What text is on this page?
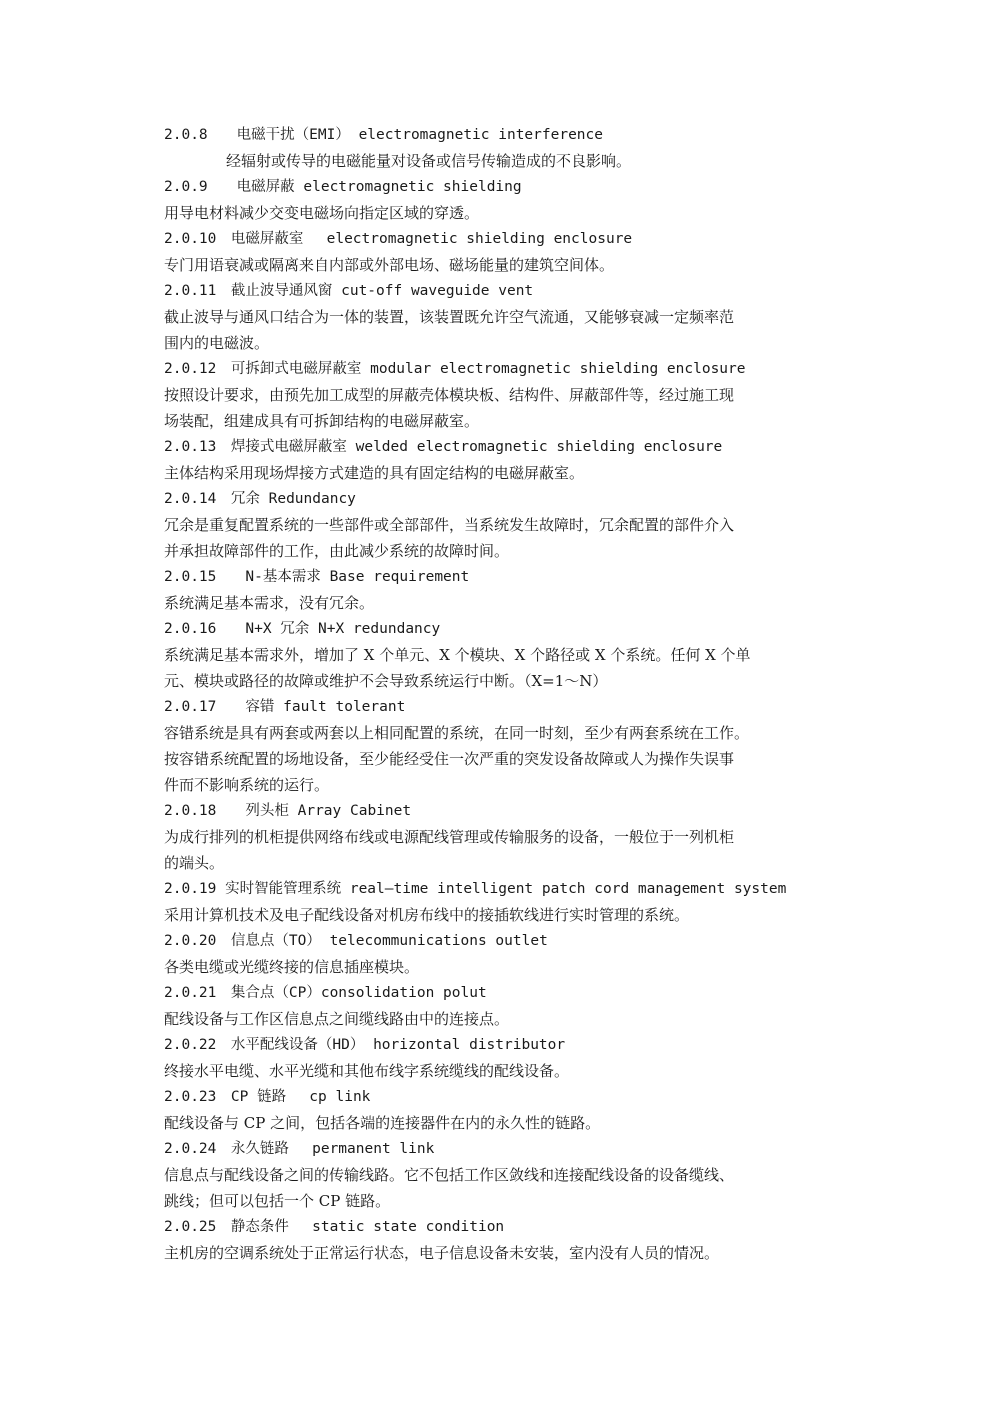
2.0.8　　电磁干扰（EMI） electromagnetic interference

经辐射或传导的电磁能量对设备或信号传输造成的不良影响。

2.0.9　　电磁屏蔽 electromagnetic shielding

用导电材料减少交变电磁场向指定区域的穿透。

2.0.10　电磁屏蔽室　 electromagnetic shielding enclosure

专门用语衰减或隔离来自内部或外部电场、磁场能量的建筑空间体。

2.0.11　截止波导通风窗 cut-off waveguide vent

截止波导与通风口结合为一体的装置，该装置既允许空气流通，又能够衰减一定频率范

围内的电磁波。

2.0.12　可拆卸式电磁屏蔽室 modular electromagnetic shielding enclosure

按照设计要求，由预先加工成型的屏蔽壳体模块板、结构件、屏蔽部件等，经过施工现

场装配，组建成具有可拆卸结构的电磁屏蔽室。

2.0.13　焊接式电磁屏蔽室 welded electromagnetic shielding enclosure

主体结构采用现场焊接方式建造的具有固定结构的电磁屏蔽室。

2.0.14　冗余 Redundancy

冗余是重复配置系统的一些部件或全部部件，当系统发生故障时，冗余配置的部件介入

并承担故障部件的工作，由此减少系统的故障时间。

2.0.15　　N-基本需求 Base requirement

系统满足基本需求，没有冗余。

2.0.16　　N+X 冗余 N+X redundancy

系统满足基本需求外，增加了 X 个单元、X 个模块、X 个路径或 X 个系统。任何 X 个单

元、模块或路径的故障或维护不会导致系统运行中断。（X=1～N）

2.0.17　　容错 fault tolerant

容错系统是具有两套或两套以上相同配置的系统，在同一时刻，至少有两套系统在工作。

按容错系统配置的场地设备，至少能经受住一次严重的突发设备故障或人为操作失误事

件而不影响系统的运行。

2.0.18　　列头柜 Array Cabinet

为成行排列的机柜提供网络布线或电源配线管理或传输服务的设备，一般位于一列机柜

的端头。

2.0.19 实时智能管理系统 real—time intelligent patch cord management system

采用计算机技术及电子配线设备对机房布线中的接插软线进行实时管理的系统。

2.0.20　信息点（TO） telecommunications outlet

各类电缆或光缆终接的信息插座模块。

2.0.21　集合点（CP）consolidation polut

配线设备与工作区信息点之间缆线路由中的连接点。

2.0.22　水平配线设备（HD） horizontal distributor

终接水平电缆、水平光缆和其他布线字系统缆线的配线设备。

2.0.23　CP 链路　 cp link

配线设备与 CP 之间，包括各端的连接器件在内的永久性的链路。

2.0.24　永久链路　 permanent link

信息点与配线设备之间的传输线路。它不包括工作区敛线和连接配线设备的设备缆线、

跳线；但可以包括一个 CP 链路。

2.0.25　静态条件　 static state condition

主机房的空调系统处于正常运行状态，电子信息设备未安装，室内没有人员的情况。
